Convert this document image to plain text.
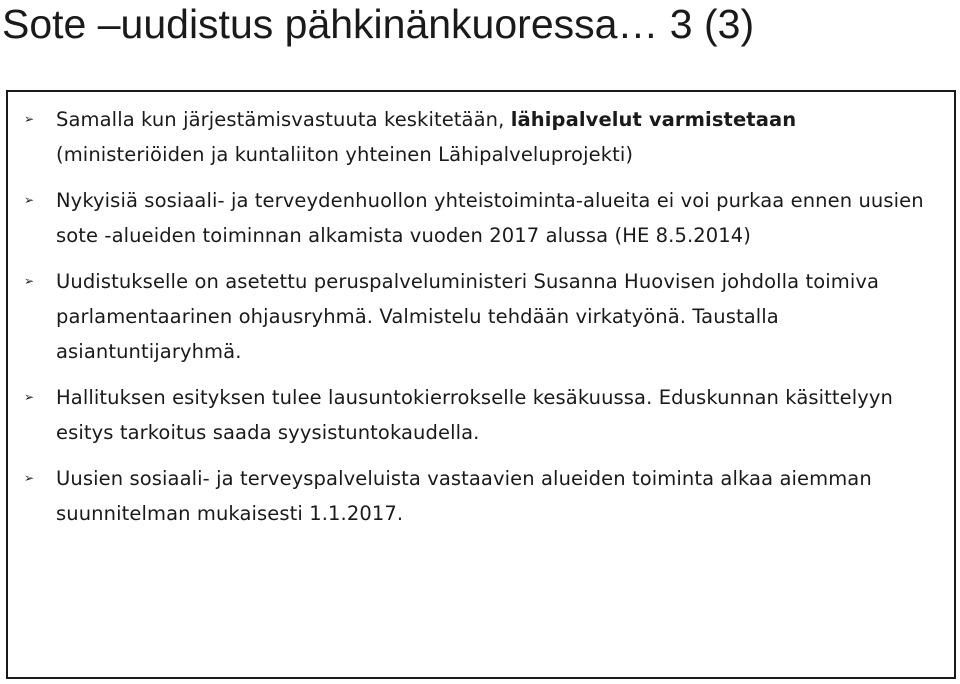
Sote –uudistus pähkinänkuoressa… 3 (3)
➢	Samalla kun järjestämisvastuuta keskitetään, lähipalvelut varmistetaan (ministeriöiden ja kuntaliiton yhteinen Lähipalveluprojekti)
➢	Nykyisiä sosiaali- ja terveydenhuollon yhteistoiminta-alueita ei voi purkaa ennen uusien sote -alueiden toiminnan alkamista vuoden 2017 alussa (HE 8.5.2014)
➢	Uudistukselle on asetettu peruspalveluministeri Susanna Huovisen johdolla toimiva parlamentaarinen ohjausryhmä. Valmistelu tehdään virkatyönä. Taustalla asiantuntijaryhmä.
➢	Hallituksen esityksen tulee lausuntokierrokselle kesäkuussa. Eduskunnan käsittelyyn esitys tarkoitus saada syysistuntokaudella.
➢	Uusien sosiaali- ja terveyspalveluista vastaavien alueiden toiminta alkaa aiemman suunnitelman mukaisesti 1.1.2017.
